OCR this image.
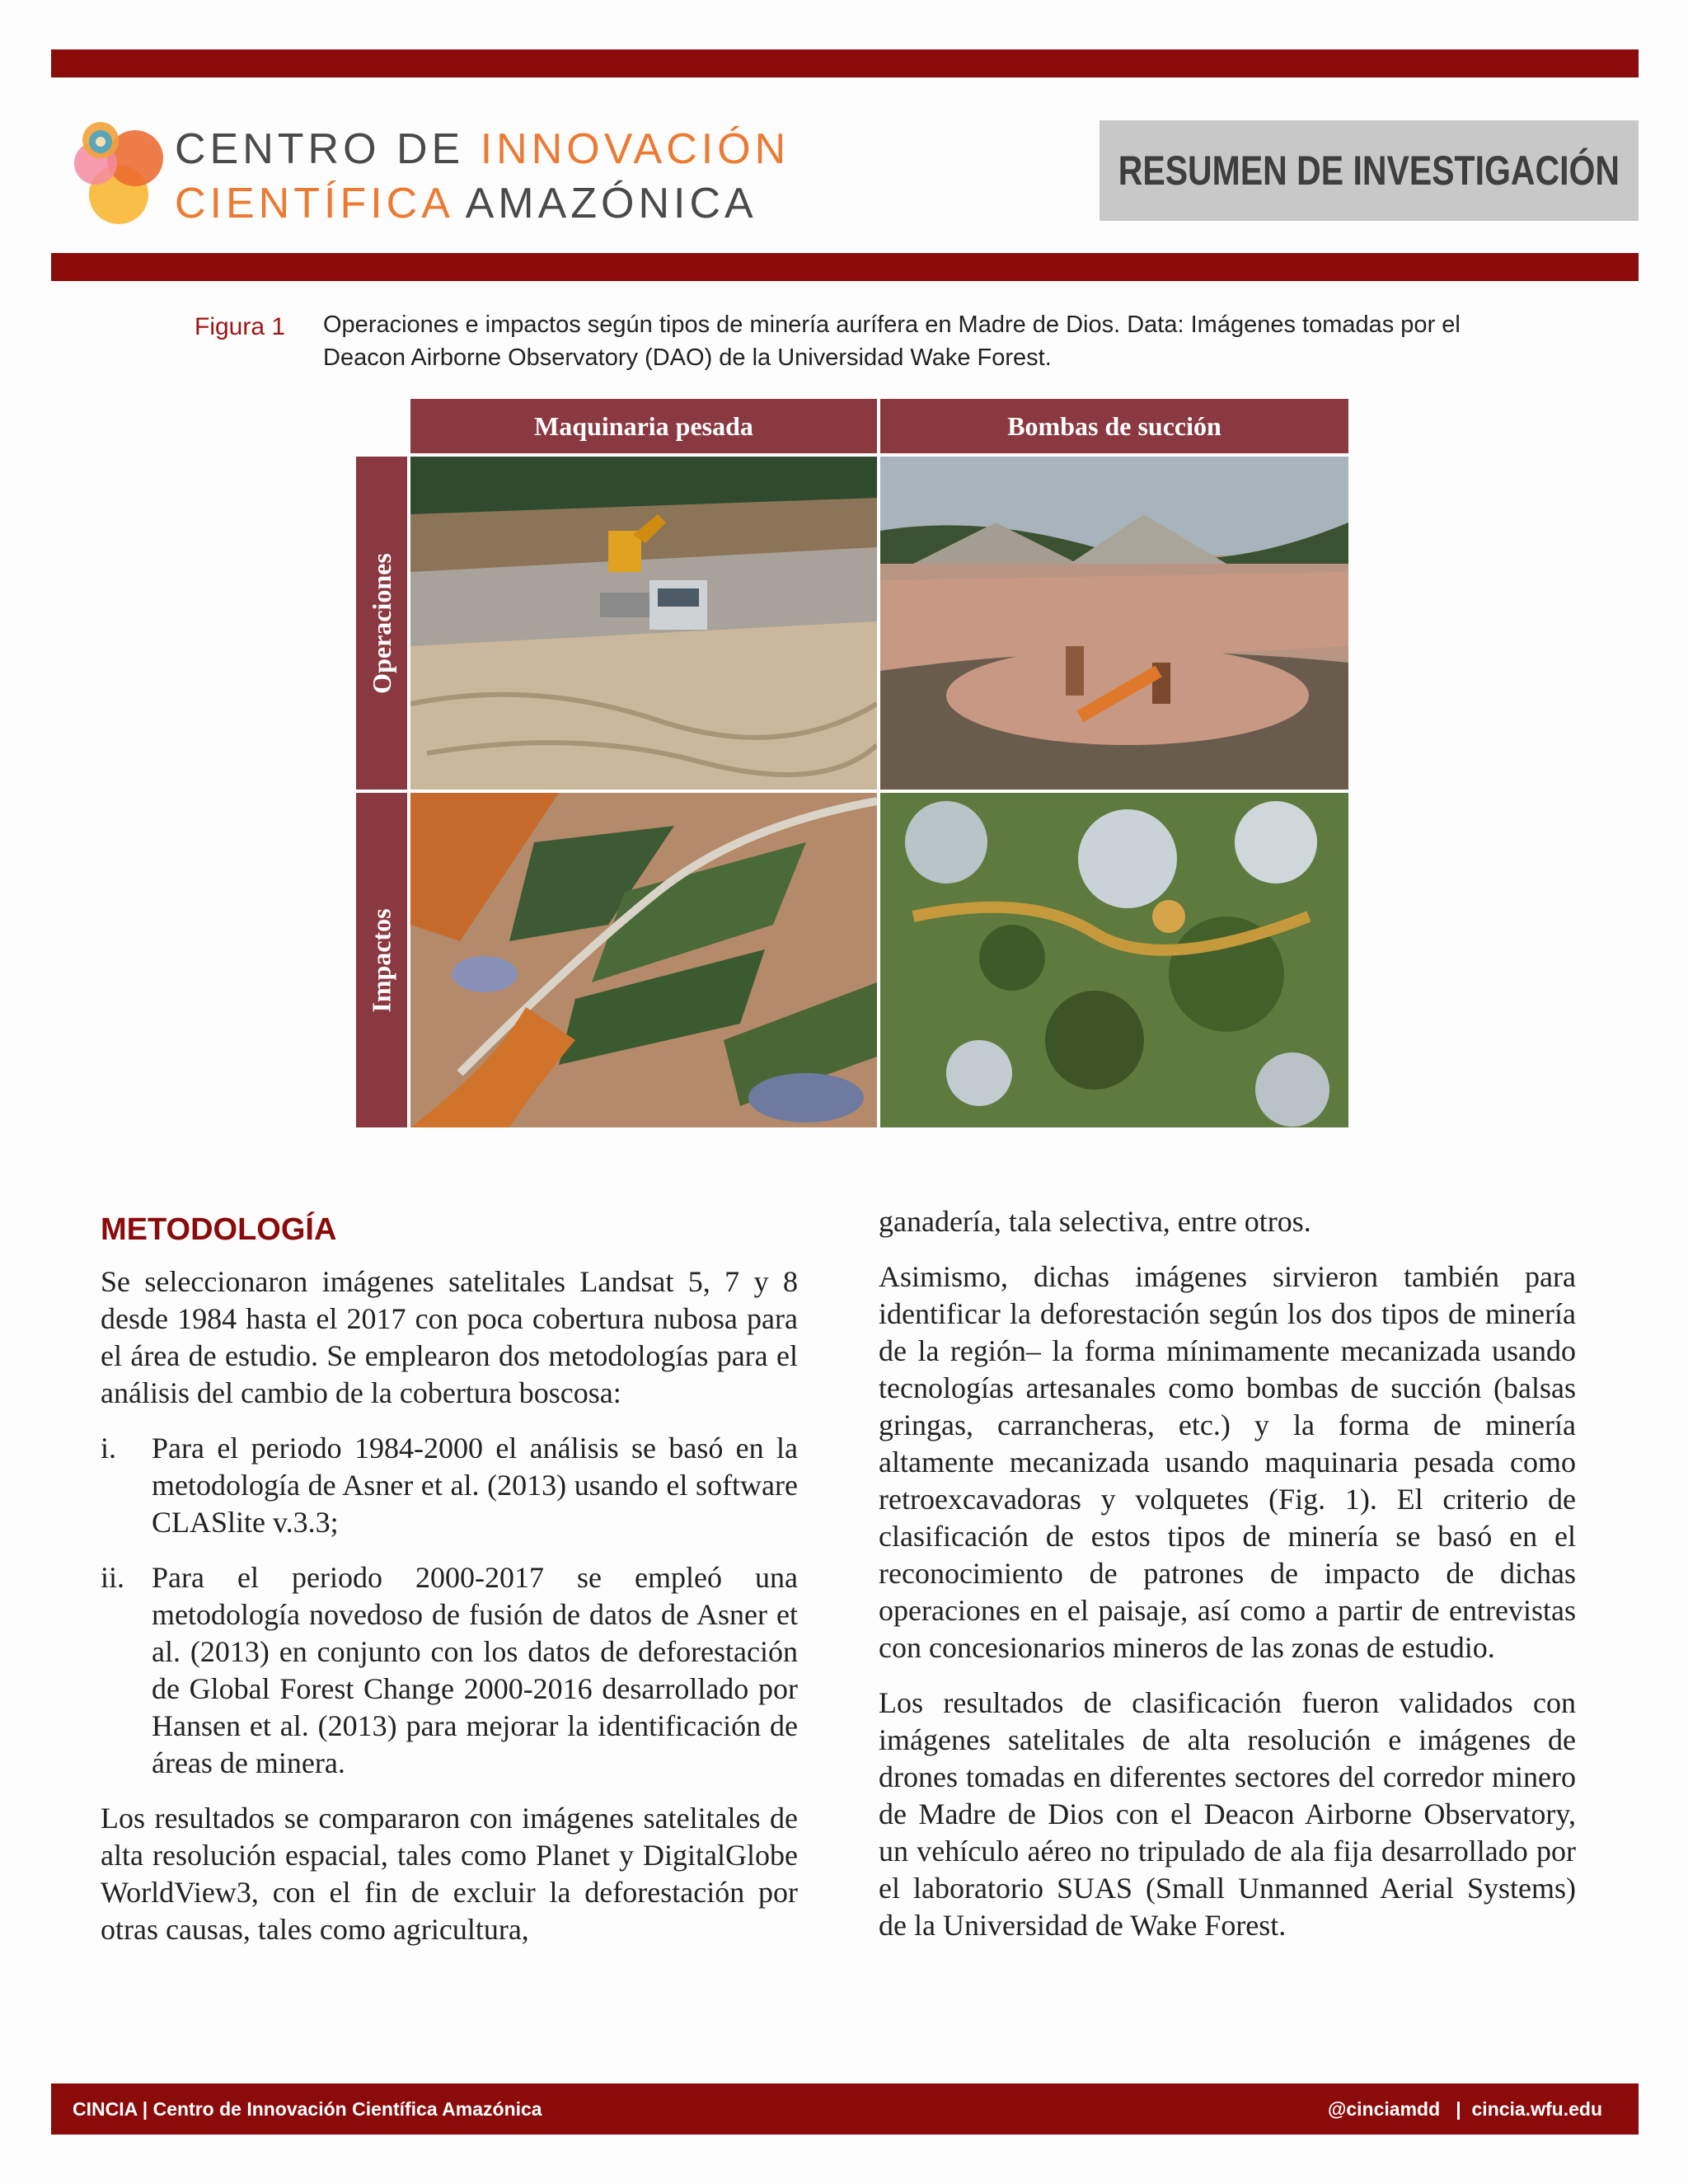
CENTRO DE INNOVACIÓN
CIENTÍFICA AMAZÓNICA
RESUMEN DE INVESTIGACIÓN
Figura 1 Operaciones e impactos según tipos de minería aurífera en Madre de Dios. Data: Imágenes tomadas por el Deacon Airborne Observatory (DAO) de la Universidad Wake Forest.
Maquinaria pesada	Bombas de succión
Operaciones
Impactos
METODOLOGÍA

Se seleccionaron imágenes satelitales Landsat 5, 7 y 8 desde 1984 hasta el 2017 con poca cobertura nubosa para el área de estudio. Se emplearon dos metodologías para el análisis del cambio de la cobertura boscosa:

i.	Para el periodo 1984-2000 el análisis se basó en la metodología de Asner et al. (2013) usando el software CLASlite v.3.3;
ii. Para el periodo 2000-2017 se empleó una metodología novedoso de fusión de datos de Asner et al. (2013) en conjunto con los datos de deforestación de Global Forest Change 2000-2016 desarrollado por Hansen et al. (2013) para mejorar la identificación de áreas de minera.

Los resultados se compararon con imágenes satelitales de alta resolución espacial, tales como Planet y DigitalGlobe WorldView3, con el fin de excluir la deforestación por otras causas, tales como agricultura,

ganadería, tala selectiva, entre otros.

Asimismo, dichas imágenes sirvieron también para identificar la deforestación según los dos tipos de minería de la región– la forma mínimamente mecanizada usando tecnologías artesanales como bombas de succión (balsas gringas, carrancheras, etc.) y la forma de minería altamente mecanizada usando maquinaria pesada como retroexcavadoras y volquetes (Fig. 1). El criterio de clasificación de estos tipos de minería se basó en el reconocimiento de patrones de impacto de dichas operaciones en el paisaje, así como a partir de entrevistas con concesionarios mineros de las zonas de estudio.

Los resultados de clasificación fueron validados con imágenes satelitales de alta resolución e imágenes de drones tomadas en diferentes sectores del corredor minero de Madre de Dios con el Deacon Airborne Observatory, un vehículo aéreo no tripulado de ala fija desarrollado por el laboratorio SUAS (Small Unmanned Aerial Systems) de la Universidad de Wake Forest.

CINCIA | Centro de Innovación Científica Amazónica	@cinciamdd   |  cincia.wfu.edu
